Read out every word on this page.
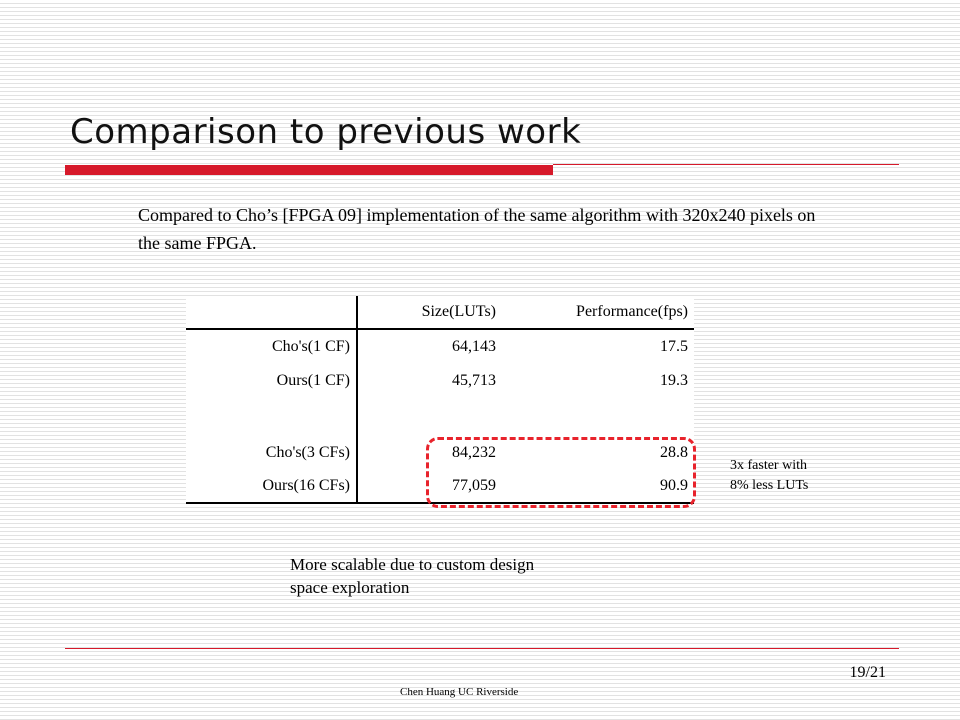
Comparison to previous work

Compared to Cho’s [FPGA 09] implementation of the same algorithm with 320x240 pixels on the same FPGA.

	Size(LUTs)	Performance(fps)
Cho's(1 CF)	64,143	17.5
Ours(1 CF)	45,713	19.3

Cho's(3 CFs)	84,232	28.8
Ours(16 CFs)	77,059	90.9
3x faster with
8% less LUTs
More scalable due to custom design
space exploration
19/21
Chen Huang UC Riverside
